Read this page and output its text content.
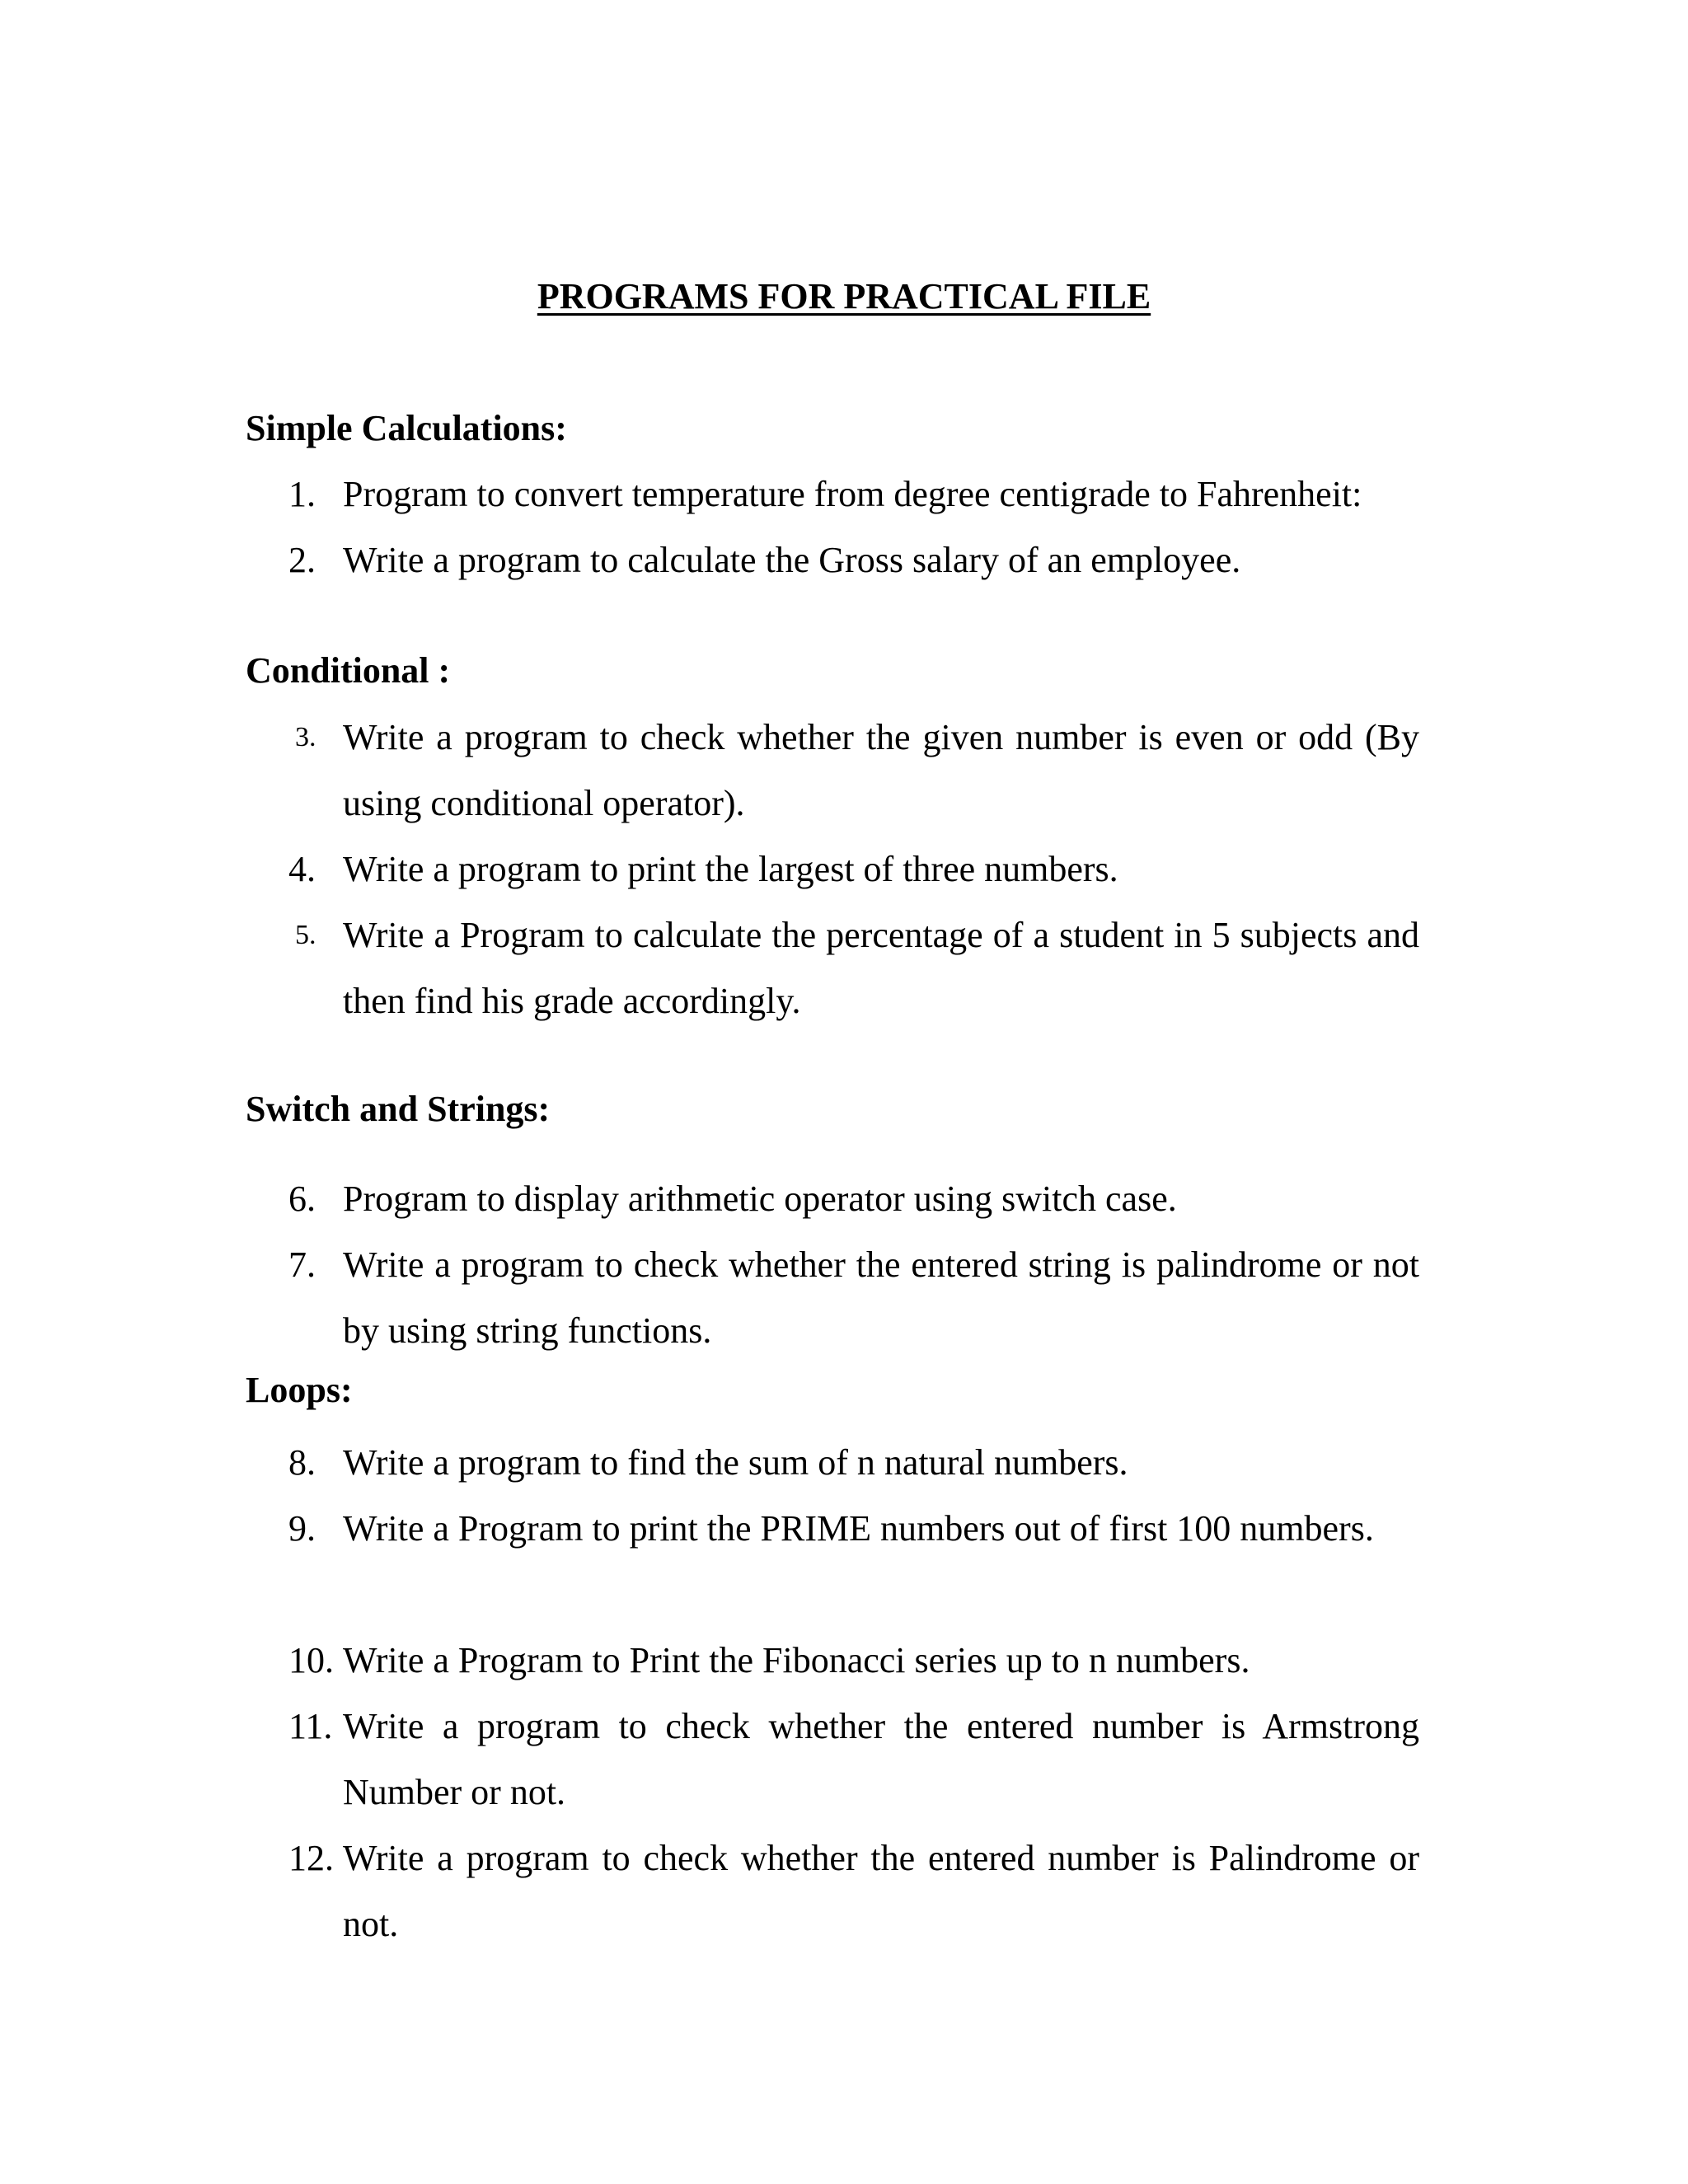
PROGRAMS FOR PRACTICAL FILE
Simple Calculations:
1. Program to convert temperature from degree centigrade to Fahrenheit:
2. Write a program to calculate the Gross salary of an employee.
Conditional :
3. Write a program to check whether the given number is even or odd (By using conditional operator).
4. Write a program to print the largest of three numbers.
5. Write a Program to calculate the percentage of a student in 5 subjects and then find his grade accordingly.
Switch and Strings:
6. Program to display arithmetic operator using switch case.
7. Write a program to check whether the entered string is palindrome or not by using string functions.
Loops:
8. Write a program to find the sum of n natural numbers.
9. Write a Program to print the PRIME numbers out of first 100 numbers.
10. Write a Program to Print the Fibonacci series up to n numbers.
11. Write a program to check whether the entered number is Armstrong Number or not.
12. Write a program to check whether the entered number is Palindrome or not.
